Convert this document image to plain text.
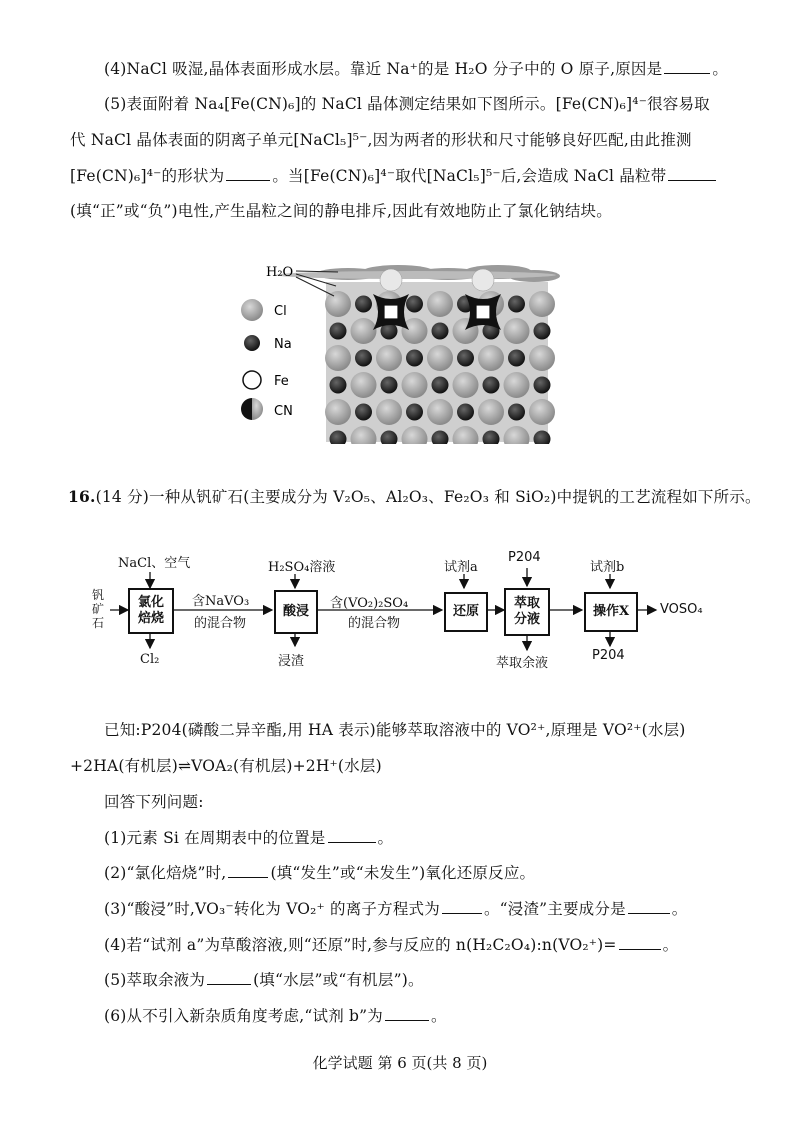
(4)NaCl 吸湿,晶体表面形成水层。靠近 Na⁺的是 H₂O 分子中的 O 原子,原因是	。
(5)表面附着 Na₄[Fe(CN)₆]的 NaCl 晶体测定结果如下图所示。[Fe(CN)₆]⁴⁻很容易取
代 NaCl 晶体表面的阴离子单元[NaCl₅]⁵⁻,因为两者的形状和尺寸能够良好匹配,由此推测
[Fe(CN)₆]⁴⁻的形状为	。当[Fe(CN)₆]⁴⁻取代[NaCl₅]⁵⁻后,会造成 NaCl 晶粒带
(填“正”或“负”)电性,产生晶粒之间的静电排斥,因此有效地防止了氯化钠结块。
H₂O
Cl
Na
Fe
CN
16.(14 分)一种从钒矿石(主要成分为 V₂O₅、Al₂O₃、Fe₂O₃ 和 SiO₂)中提钒的工艺流程如下所示。
钒矿石
NaCl、空气
氯化焙烧
Cl₂
含NaVO₃
的混合物
H₂SO₄溶液
酸浸
浸渣
含(VO₂)₂SO₄
的混合物
试剂a
还原
P204
萃取分液
萃取余液
试剂b
操作X VOSO₄
P204
已知:P204(磷酸二异辛酯,用 HA 表示)能够萃取溶液中的 VO²⁺,原理是 VO²⁺(水层)
+2HA(有机层)⇌VOA₂(有机层)+2H⁺(水层)
回答下列问题:
(1)元素 Si 在周期表中的位置是	。
(2)“氯化焙烧”时,	(填“发生”或“未发生”)氧化还原反应。
(3)“酸浸”时,VO₃⁻转化为 VO₂⁺ 的离子方程式为	。“浸渣”主要成分是	。
(4)若“试剂 a”为草酸溶液,则“还原”时,参与反应的 n(H₂C₂O₄):n(VO₂⁺)=	。
(5)萃取余液为	(填“水层”或“有机层”)。
(6)从不引入新杂质角度考虑,“试剂 b”为	。
化学试题 第 6 页(共 8 页)
